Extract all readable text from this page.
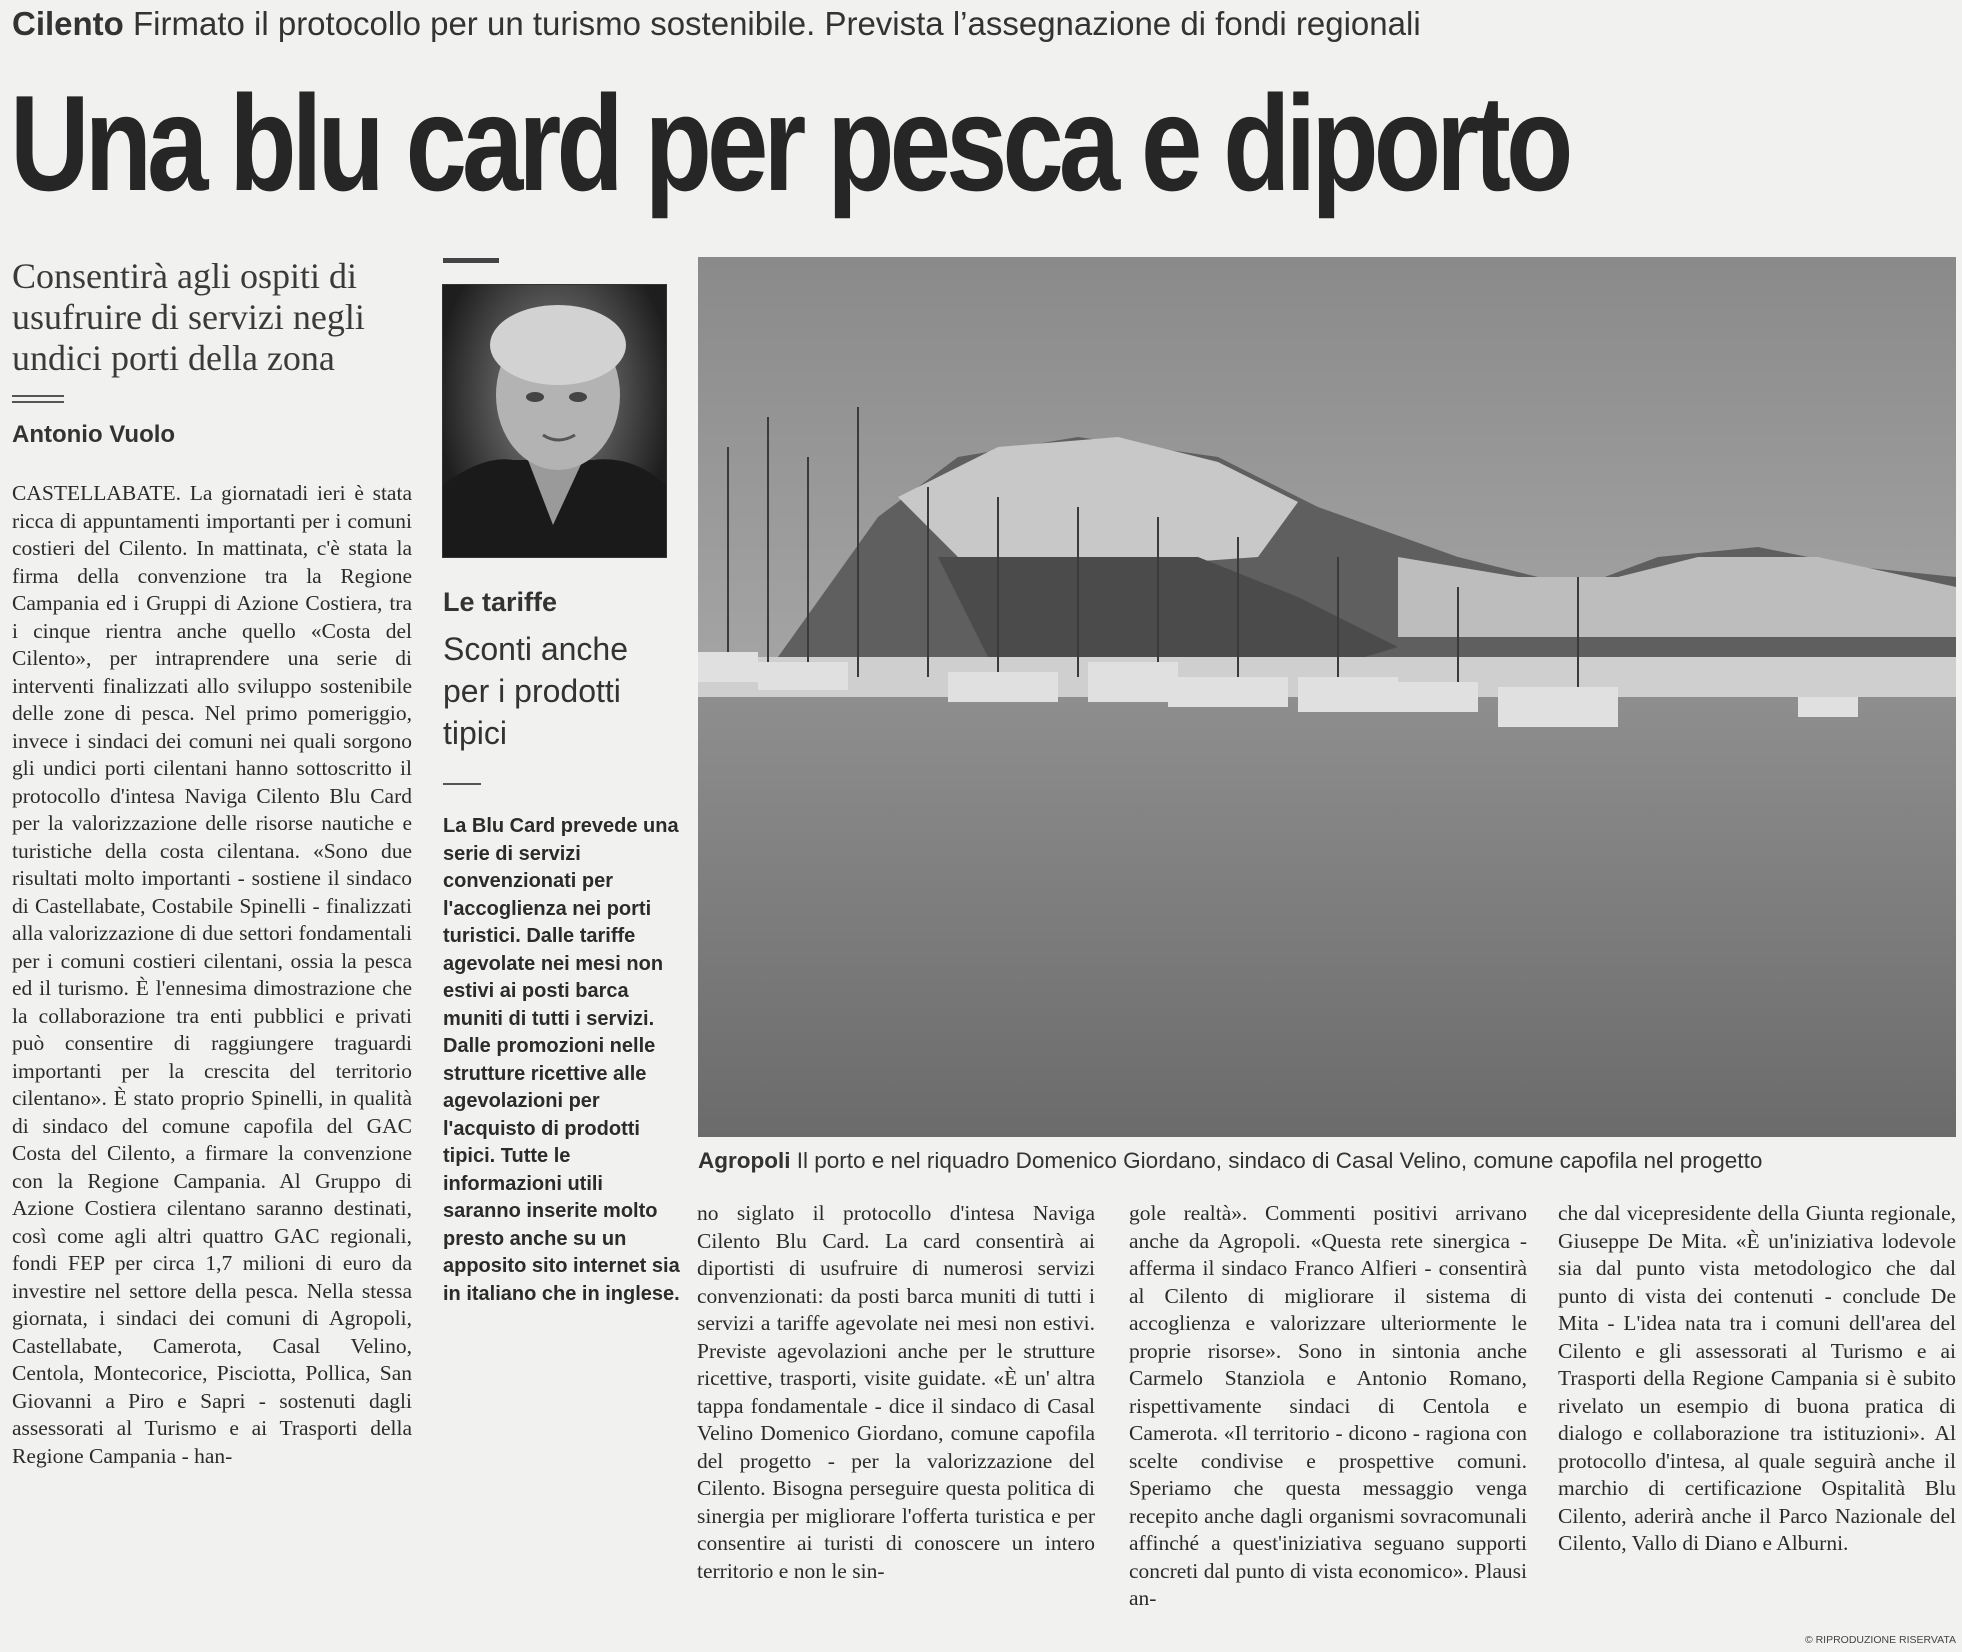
Cilento Firmato il protocollo per un turismo sostenibile. Prevista l’assegnazione di fondi regionali
Una blu card per pesca e diporto
Consentirà agli ospiti di usufruire di servizi negli undici porti della zona
Antonio Vuolo
CASTELLABATE. La giornatadi ieri è stata ricca di appuntamenti importanti per i comuni costieri del Cilento. In mattinata, c'è stata la firma della convenzione tra la Regione Campania ed i Gruppi di Azione Costiera, tra i cinque rientra anche quello «Costa del Cilento», per intraprendere una serie di interventi finalizzati allo sviluppo sostenibile delle zone di pesca. Nel primo pomeriggio, invece i sindaci dei comuni nei quali sorgono gli undici porti cilentani hanno sottoscritto il protocollo d'intesa Naviga Cilento Blu Card per la valorizzazione delle risorse nautiche e turistiche della costa cilentana. «Sono due risultati molto importanti - sostiene il sindaco di Castellabate, Costabile Spinelli - finalizzati alla valorizzazione di due settori fondamentali per i comuni costieri cilentani, ossia la pesca ed il turismo. È l'ennesima dimostrazione che la collaborazione tra enti pubblici e privati può consentire di raggiungere traguardi importanti per la crescita del territorio cilentano». È stato proprio Spinelli, in qualità di sindaco del comune capofila del GAC Costa del Cilento, a firmare la convenzione con la Regione Campania. Al Gruppo di Azione Costiera cilentano saranno destinati, così come agli altri quattro GAC regionali, fondi FEP per circa 1,7 milioni di euro da investire nel settore della pesca. Nella stessa giornata, i sindaci dei comuni di Agropoli, Castellabate, Camerota, Casal Velino, Centola, Montecorice, Pisciotta, Pollica, San Giovanni a Piro e Sapri - sostenuti dagli assessorati al Turismo e ai Trasporti della Regione Campania - han-
Le tariffe
Sconti anche per i prodotti tipici
La Blu Card prevede una serie di servizi convenzionati per l'accoglienza nei porti turistici. Dalle tariffe agevolate nei mesi non estivi ai posti barca muniti di tutti i servizi. Dalle promozioni nelle strutture ricettive alle agevolazioni per l'acquisto di prodotti tipici. Tutte le informazioni utili saranno inserite molto presto anche su un apposito sito internet sia in italiano che in inglese.
Agropoli Il porto e nel riquadro Domenico Giordano, sindaco di Casal Velino, comune capofila nel progetto
no siglato il protocollo d'intesa Naviga Cilento Blu Card. La card consentirà ai diportisti di usufruire di numerosi servizi convenzionati: da posti barca muniti di tutti i servizi a tariffe agevolate nei mesi non estivi. Previste agevolazioni anche per le strutture ricettive, trasporti, visite guidate. «È un' altra tappa fondamentale - dice il sindaco di Casal Velino Domenico Giordano, comune capofila del progetto - per la valorizzazione del Cilento. Bisogna perseguire questa politica di sinergia per migliorare l'offerta turistica e per consentire ai turisti di conoscere un intero territorio e non le sin-
gole realtà». Commenti positivi arrivano anche da Agropoli. «Questa rete sinergica - afferma il sindaco Franco Alfieri - consentirà al Cilento di migliorare il sistema di accoglienza e valorizzare ulteriormente le proprie risorse». Sono in sintonia anche Carmelo Stanziola e Antonio Romano, rispettivamente sindaci di Centola e Camerota. «Il territorio - dicono - ragiona con scelte condivise e prospettive comuni. Speriamo che questa messaggio venga recepito anche dagli organismi sovracomunali affinché a quest'iniziativa seguano supporti concreti dal punto di vista economico». Plausi an-
che dal vicepresidente della Giunta regionale, Giuseppe De Mita. «È un'iniziativa lodevole sia dal punto vista metodologico che dal punto di vista dei contenuti - conclude De Mita - L'idea nata tra i comuni dell'area del Cilento e gli assessorati al Turismo e ai Trasporti della Regione Campania si è subito rivelato un esempio di buona pratica di dialogo e collaborazione tra istituzioni». Al protocollo d'intesa, al quale seguirà anche il marchio di certificazione Ospitalità Blu Cilento, aderirà anche il Parco Nazionale del Cilento, Vallo di Diano e Alburni.
© RIPRODUZIONE RISERVATA
